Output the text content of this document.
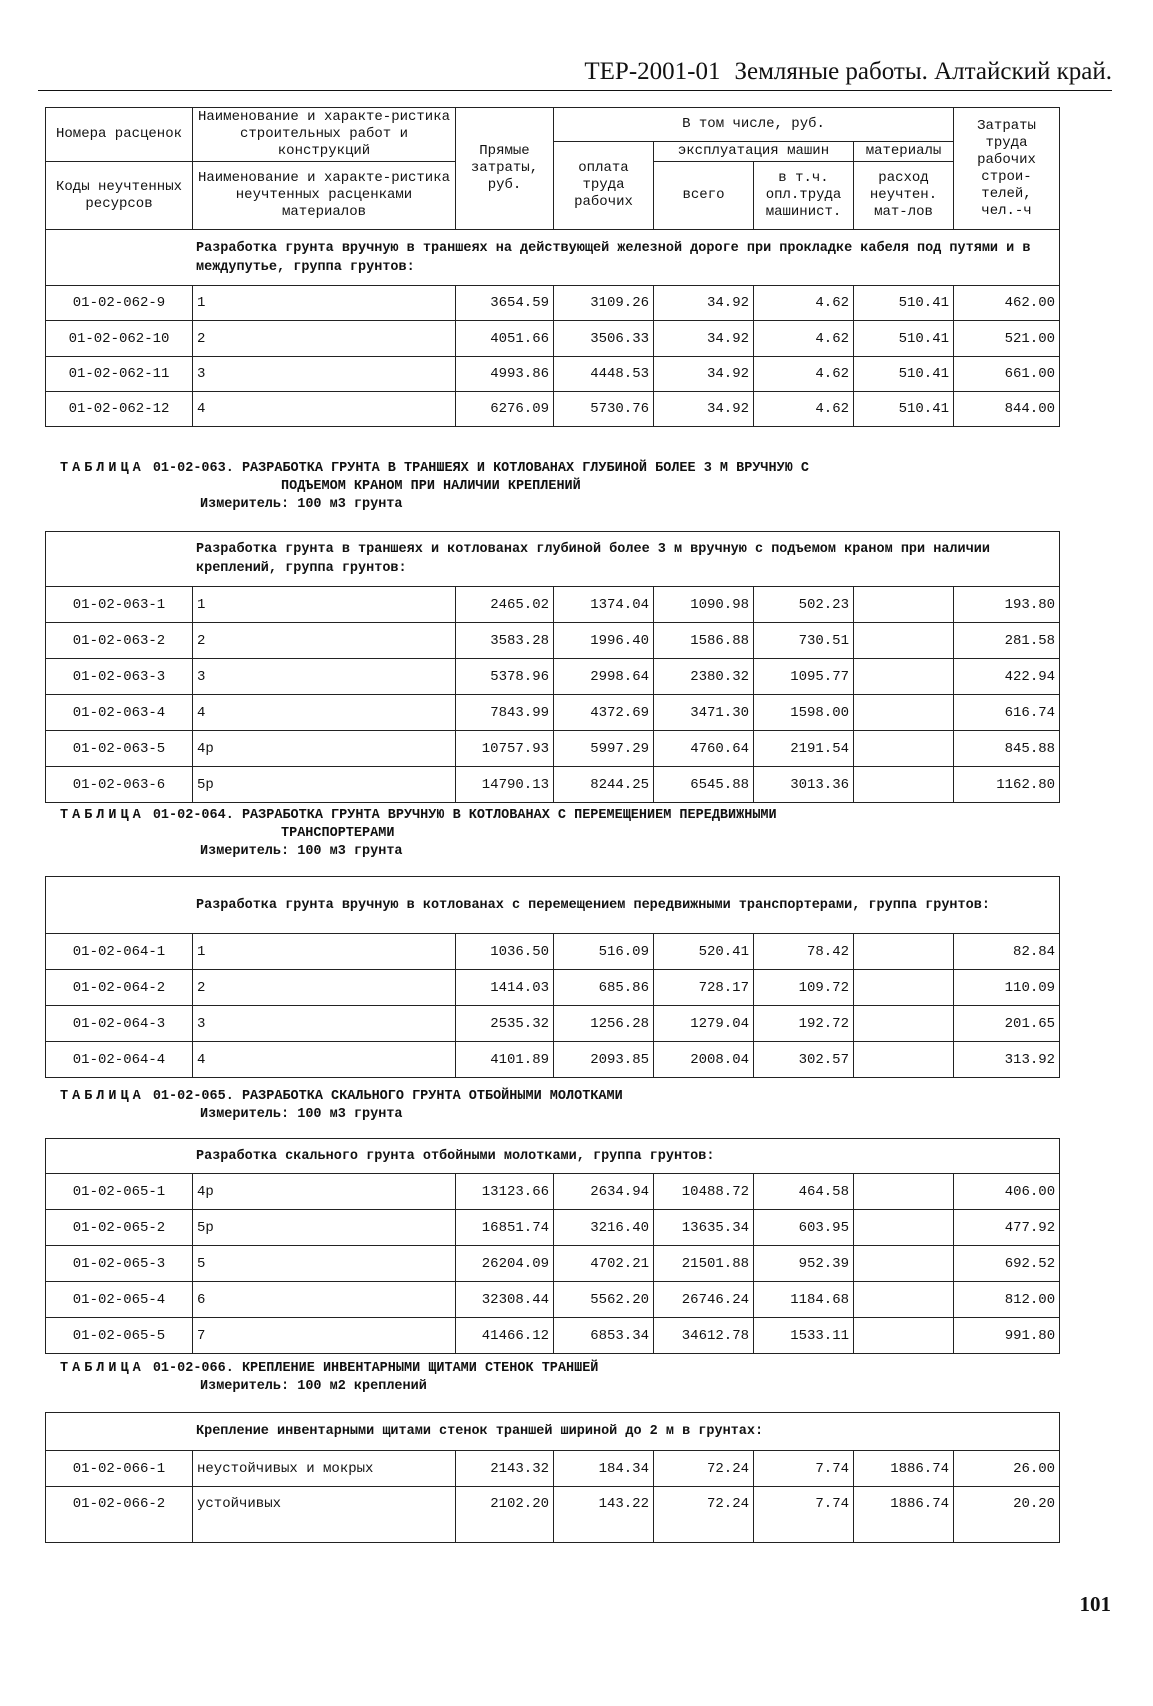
ТЕР-2001-01 Земляные работы. Алтайский край.
Номера расценок	Наименование и характе-ристика строительных работ и конструкций	Прямые затраты, руб.	В том числе, руб.				Затраты труда рабочих строи-телей, чел.-ч
			оплата труда рабочих	эксплуатация машин		материалы	
Коды неучтенных ресурсов	Наименование и характе-ристика неучтенных расценками материалов			всего	в т.ч. опл.труда машинист.	расход неучтен. мат-лов	

Разработка грунта вручную в траншеях на действующей железной дороге при прокладке кабеля под путями и в междупутье, группа грунтов:							
01-02-062-9	1	3654.59	3109.26	34.92	4.62	510.41	462.00
01-02-062-10	2	4051.66	3506.33	34.92	4.62	510.41	521.00
01-02-062-11	3	4993.86	4448.53	34.92	4.62	510.41	661.00
01-02-062-12	4	6276.09	5730.76	34.92	4.62	510.41	844.00
ТАБЛИЦА 01-02-063. РАЗРАБОТКА ГРУНТА В ТРАНШЕЯХ И КОТЛОВАНАХ ГЛУБИНОЙ БОЛЕЕ 3 М ВРУЧНУЮ С
ПОДЪЕМОМ КРАНОМ ПРИ НАЛИЧИИ КРЕПЛЕНИЙ
Измеритель: 100 м3 грунта
Разработка грунта в траншеях и котлованах глубиной более 3 м вручную с подъемом краном при наличии креплений, группа грунтов:							
01-02-063-1	1	2465.02	1374.04	1090.98	502.23		193.80
01-02-063-2	2	3583.28	1996.40	1586.88	730.51		281.58
01-02-063-3	3	5378.96	2998.64	2380.32	1095.77		422.94
01-02-063-4	4	7843.99	4372.69	3471.30	1598.00		616.74
01-02-063-5	4р	10757.93	5997.29	4760.64	2191.54		845.88
01-02-063-6	5р	14790.13	8244.25	6545.88	3013.36		1162.80
ТАБЛИЦА 01-02-064. РАЗРАБОТКА ГРУНТА ВРУЧНУЮ В КОТЛОВАНАХ С ПЕРЕМЕЩЕНИЕМ ПЕРЕДВИЖНЫМИ
ТРАНСПОРТЕРАМИ
Измеритель: 100 м3 грунта
Разработка грунта вручную в котлованах с перемещением передвижными транспортерами, группа грунтов:							
01-02-064-1	1	1036.50	516.09	520.41	78.42		82.84
01-02-064-2	2	1414.03	685.86	728.17	109.72		110.09
01-02-064-3	3	2535.32	1256.28	1279.04	192.72		201.65
01-02-064-4	4	4101.89	2093.85	2008.04	302.57		313.92
ТАБЛИЦА 01-02-065. РАЗРАБОТКА СКАЛЬНОГО ГРУНТА ОТБОЙНЫМИ МОЛОТКАМИ
Измеритель: 100 м3 грунта
Разработка скального грунта отбойными молотками, группа грунтов:							
01-02-065-1	4р	13123.66	2634.94	10488.72	464.58		406.00
01-02-065-2	5р	16851.74	3216.40	13635.34	603.95		477.92
01-02-065-3	5	26204.09	4702.21	21501.88	952.39		692.52
01-02-065-4	6	32308.44	5562.20	26746.24	1184.68		812.00
01-02-065-5	7	41466.12	6853.34	34612.78	1533.11		991.80
ТАБЛИЦА 01-02-066. КРЕПЛЕНИЕ ИНВЕНТАРНЫМИ ЩИТАМИ СТЕНОК ТРАНШЕЙ
Измеритель: 100 м2 креплений
Крепление инвентарными щитами стенок траншей шириной до 2 м в грунтах:							
01-02-066-1	неустойчивых и мокрых	2143.32	184.34	72.24	7.74	1886.74	26.00
01-02-066-2	устойчивых	2102.20	143.22	72.24	7.74	1886.74	20.20
101
